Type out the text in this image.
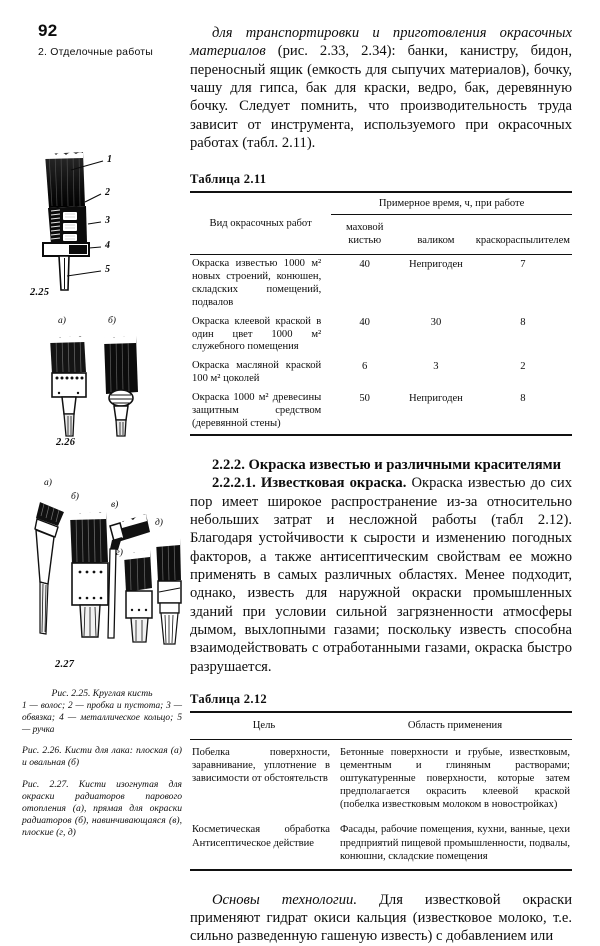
92
2. Отделочные работы
1
2
3
4
5
2.25
а)	б)
2.26
а)
б)
в)
г)
д)
2.27
Рис. 2.25. Круглая кисть
1 — волос; 2 — пробка и пустота; 3 — обвязка; 4 — металлическое кольцо; 5 — ручка
Рис. 2.26. Кисти для лака: плоская (а) и овальная (б)
Рис. 2.27. Кисти изогнутая для окраски радиаторов парового отопления (а), прямая для окраски радиаторов (б), навинчивающаяся (в), плоские (г, д)

для транспортировки и приготовления окрасочных материалов (рис. 2.33, 2.34): банки, канистру, бидон, переносный ящик (емкость для сыпучих материалов), бочку, чашу для гипса, бак для краски, ведро, бак, деревянную бочку. Следует помнить, что производительность труда зависит от инструмента, используемого при окрасочных работах (табл. 2.11).

Таблица 2.11
Вид окрасочных работ	Примерное время, ч, при работе		
	маховой кистью	валиком	краскораспылителем
Окраска известью 1000 м² новых строений, конюшен, складских помещений, подвалов	40	Непригоден	7
Окраска клеевой краской в один цвет 1000 м² служебного помещения	40	30	8
Окраска масляной краской 100 м² цоколей	6	3	2
Окраска 1000 м² древесины защитным средством (деревянной стены)	50	Непригоден	8

2.2.2. Окраска известью и различными красителями

2.2.2.1. Известковая окраска. Окраска известью до сих пор имеет широкое распространение из-за относительно небольших затрат и несложной работы (табл 2.12). Благодаря устойчивости к сырости и изменению погодных факторов, а также антисептическим свойствам ее можно применять в самых различных областях. Менее подходит, однако, известь для наружной окраски промышленных зданий при условии сильной загрязненности атмосферы дымом, выхлопными газами; поскольку известь способна взаимодействовать с отработанными газами, окраска быстро разрушается.

Таблица 2.12
Цель	Область применения
Побелка поверхности, заравнивание, уплотнение в зависимости от обстоятельств	Бетонные поверхности и грубые, известковым, цементным и глиняным растворами; оштукатуренные поверхности, которые затем предполагается окрасить клеевой краской (побелка известковым молоком в новостройках)
Косметическая обработка Антисептическое действие	Фасады, рабочие помещения, кухни, ванные, цехи предприятий пищевой промышленности, подвалы, конюшни, складские помещения

Основы технологии. Для известковой окраски применяют гидрат окиси кальция (известковое молоко, т.е. сильно разведенную гашеную известь) с добавлением или
